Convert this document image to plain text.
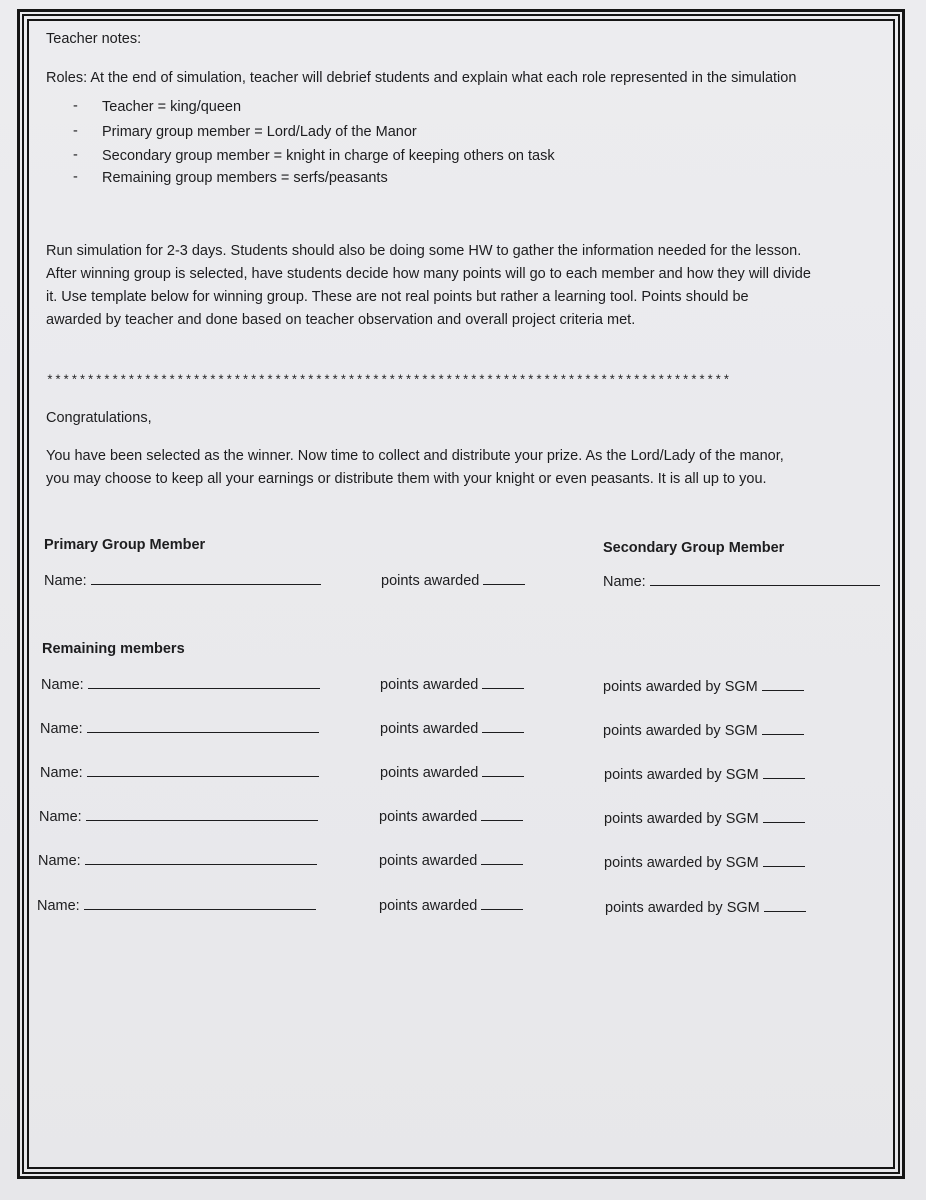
Teacher notes:
Roles: At the end of simulation, teacher will debrief students and explain what each role represented in the simulation
- Teacher = king/queen
- Primary group member = Lord/Lady of the Manor
- Secondary group member = knight in charge of keeping others on task
- Remaining group members = serfs/peasants
Run simulation for 2-3 days. Students should also be doing some HW to gather the information needed for the lesson.
After winning group is selected, have students decide how many points will go to each member and how they will divide
it. Use template below for winning group. These are not real points but rather a learning tool. Points should be
awarded by teacher and done based on teacher observation and overall project criteria met.
************************************************************************************
Congratulations,
You have been selected as the winner. Now time to collect and distribute your prize. As the Lord/Lady of the manor,
you may choose to keep all your earnings or distribute them with your knight or even peasants. It is all up to you.
Primary Group Member	Secondary Group Member
Name:	points awarded	Name:
Remaining members
Name:	points awarded	points awarded by SGM
Name:	points awarded	points awarded by SGM
Name:	points awarded	points awarded by SGM
Name:	points awarded	points awarded by SGM
Name:	points awarded	points awarded by SGM
Name:	points awarded	points awarded by SGM
